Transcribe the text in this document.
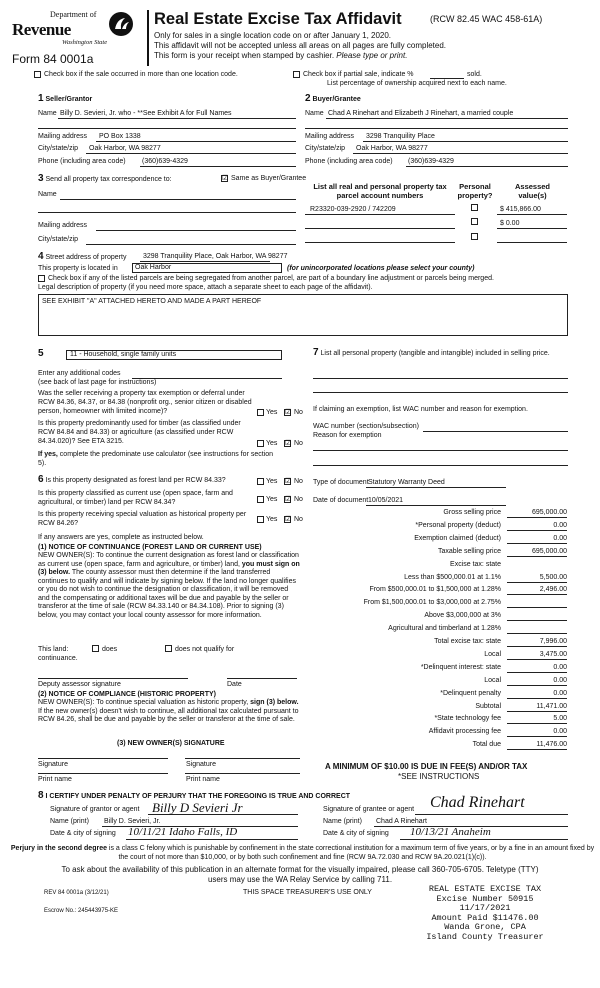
Department of
Revenue
Washington State
Form 84 0001a
Real Estate Excise Tax Affidavit	(RCW 82.45 WAC 458-61A)
Only for sales in a single location code on or after January 1, 2020.
This affidavit will not be accepted unless all areas on all pages are fully completed.
This form is your receipt when stamped by cashier. Please type or print.
Check box if the sale occurred in more than one location code.	Check box if partial sale, indicate %	sold.
List percentage of ownership acquired next to each name.
1 Seller/Grantor
Name Billy D. Sevieri, Jr. who - **See Exhibit A for Full Names
Mailing address PO Box 1338
City/state/zip Oak Harbor, WA 98277
Phone (including area code) (360)639-4329
2 Buyer/Grantee
Name Chad A Rinehart and Elizabeth J Rinehart, a married couple
Mailing address 3298 Tranquility Place
City/state/zip Oak Harbor, WA 98277
Phone (including area code) (360)639-4329
3 Send all property tax correspondence to:	☑ Same as Buyer/Grantee
Name
Mailing address
City/state/zip
List all real and personal property tax parcel account numbers
Personal property?
Assessed value(s)
R23320-039-2920 / 742209	$ 415,866.00
$ 0.00
4 Street address of property 3298 Tranquility Place, Oak Harbor, WA 98277
This property is located in	Oak Harbor	(for unincorporated locations please select your county)
Check box if any of the listed parcels are being segregated from another parcel, are part of a boundary line adjustment or parcels being merged.
Legal description of property (if you need more space, attach a separate sheet to each page of the affidavit).
SEE EXHIBIT "A" ATTACHED HERETO AND MADE A PART HEREOF
5	11 - Household, single family units
Enter any additional codes
(see back of last page for instructions)
Was the seller receiving a property tax exemption or deferral under RCW 84.36, 84.37, or 84.38 (nonprofit org., senior citizen or disabled person, homeowner with limited income)?	Yes ☑ No
Is this property predominantly used for timber (as classified under RCW 84.84 and 84.33) or agriculture (as classified under RCW 84.34.020)? See ETA 3215.	Yes ☑ No
If yes, complete the predominate use calculator (see instructions for section 5).
6 Is this property designated as forest land per RCW 84.33?	Yes ☑ No
Is this property classified as current use (open space, farm and agricultural, or timber) land per RCW 84.34?	Yes ☑ No
Is this property receiving special valuation as historical property per RCW 84.26?
Yes ☑ No
If any answers are yes, complete as instructed below.
(1) NOTICE OF CONTINUANCE (FOREST LAND OR CURRENT USE)
NEW OWNER(S): To continue the current designation as forest land or classification as current use (open space, farm and agriculture, or timber) land, you must sign on (3) below. The county assessor must then determine if the land transferred continues to qualify and will indicate by signing below. If the land no longer qualifies or you do not wish to continue the designation or classification, it will be removed and the compensating or additional taxes will be due and payable by the seller or transferor at the time of sale (RCW 84.33.140 or 84.34.108). Prior to signing (3) below, you may contact your local county assessor for more information.
This land:	does	does not qualify for
continuance.
Deputy assessor signature	Date
(2) NOTICE OF COMPLIANCE (HISTORIC PROPERTY)
NEW OWNER(S): To continue special valuation as historic property, sign (3) below. If the new owner(s) doesn't wish to continue, all additional tax calculated pursuant to RCW 84.26, shall be due and payable by the seller or transferor at the time of sale.
(3) NEW OWNER(S) SIGNATURE
Signature	Signature
Print name	Print name
7 List all personal property (tangible and intangible) included in selling price.
If claiming an exemption, list WAC number and reason for exemption.
WAC number (section/subsection)
Reason for exemption
Type of document Statutory Warranty Deed
Date of document 10/05/2021
Gross selling price	695,000.00
*Personal property (deduct)	0.00
Exemption claimed (deduct)	0.00
Taxable selling price	695,000.00
Excise tax: state
Less than $500,000.01 at 1.1%	5,500.00
From $500,000.01 to $1,500,000 at 1.28%	2,496.00
From $1,500,000.01 to $3,000,000 at 2.75%
Above $3,000,000 at 3%
Agricultural and timberland at 1.28%
Total excise tax: state	7,996.00
Local	3,475.00
*Delinquent interest: state	0.00
Local	0.00
*Delinquent penalty	0.00
Subtotal	11,471.00
*State technology fee	5.00
Affidavit processing fee	0.00
Total due	11,476.00
A MINIMUM OF $10.00 IS DUE IN FEE(S) AND/OR TAX
*SEE INSTRUCTIONS
8 I CERTIFY UNDER PENALTY OF PERJURY THAT THE FOREGOING IS TRUE AND CORRECT
Signature of grantor or agent Billy D Sevieri Jr
Name (print) Billy D. Sevieri, Jr.
Date & city of signing 10/11/21 Idaho Falls, ID
Signature of grantee or agent Chad Rinehart
Name (print) Chad A Rinehart
Date & city of signing 10/13/21 Anaheim
Perjury in the second degree is a class C felony which is punishable by confinement in the state correctional institution for a maximum term of five years, or by a fine in an amount fixed by the court of not more than $10,000, or by both such confinement and fine (RCW 9A.72.030 and RCW 9A.20.021(1)(c)).
To ask about the availability of this publication in an alternate format for the visually impaired, please call 360-705-6705. Teletype (TTY) users may use the WA Relay Service by calling 711.
REV 84 0001a (3/12/21)
Escrow No.: 245443975-KE
THIS SPACE TREASURER'S USE ONLY	REAL ESTATE EXCISE TAX
Excise Number 50915
11/17/2021
Amount Paid $11476.00
Wanda Grone, CPA
Island County Treasurer
